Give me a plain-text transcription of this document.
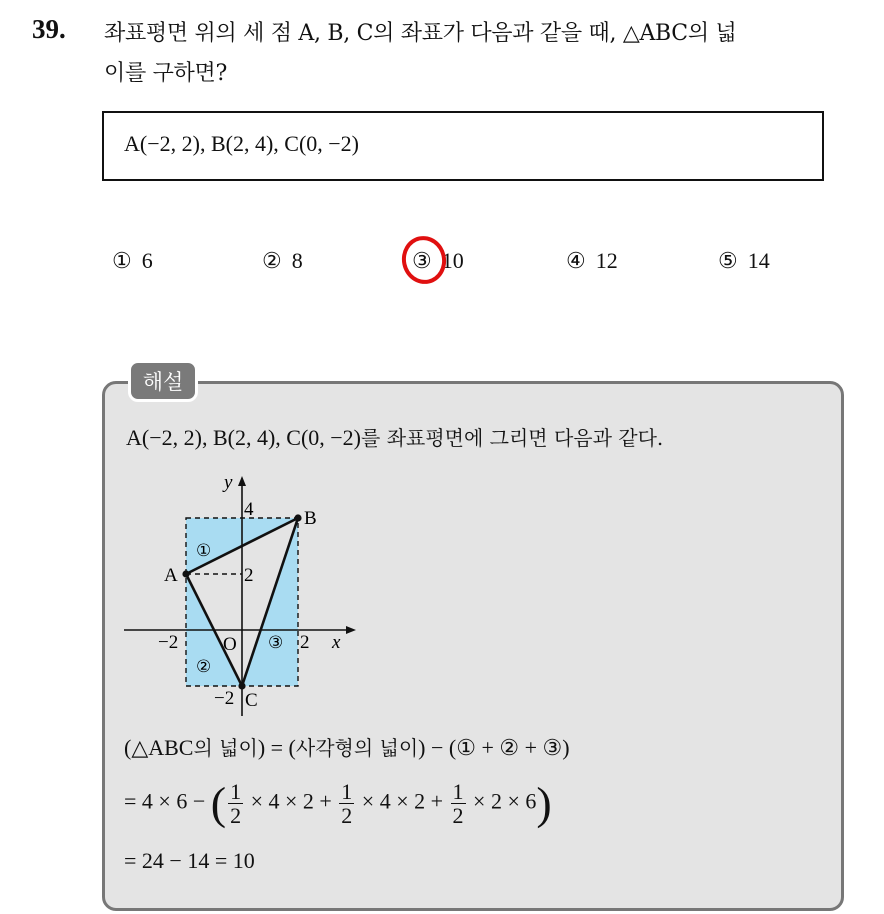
39. 좌표평면 위의 세 점 A, B, C의 좌표가 다음과 같을 때, △ABC의 넓
이를 구하면?
A(−2, 2), B(2, 4), C(0, −2)
① 6	② 8	③ 10	④ 12	⑤ 14
해설
A(−2, 2), B(2, 4), C(0, −2)를 좌표평면에 그리면 다음과 같다.
y
x
O
4
2
−2	2
−2
A
B
C
①
②
③
(△ABC의 넓이) = (사각형의 넓이) − (① + ② + ③)
= 4 × 6 − ( $\frac{1}{2} \times 4 \times 2 + \frac{1}{2} \times 4 \times 2 + \frac{1}{2} \times 2 \times 6$)
= 24 − 14 = 10
